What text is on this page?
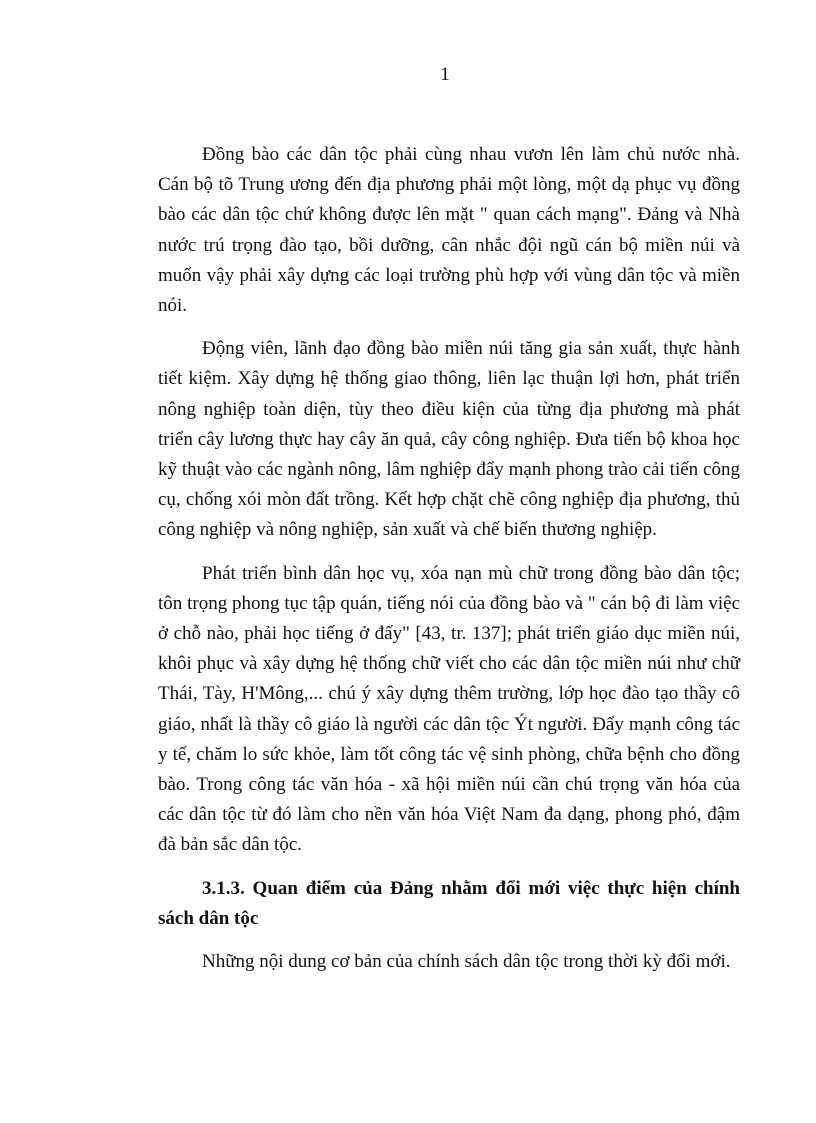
1

Đồng bào các dân tộc phải cùng nhau vươn lên làm chủ nước nhà. Cán bộ tõ Trung ương đến địa phương phải một lòng, một dạ phục vụ đồng bào các dân tộc chứ không được lên mặt " quan cách mạng". Đảng và Nhà nước trú trọng đào tạo, bồi dưỡng, cân nhắc đội ngũ cán bộ miền núi và muốn vậy phải xây dựng các loại trường phù hợp với vùng dân tộc và miền nói.

Động viên, lãnh đạo đồng bào miền núi tăng gia sản xuất, thực hành tiết kiệm. Xây dựng hệ thống giao thông, liên lạc thuận lợi hơn, phát triển nông nghiệp toàn diện, tùy theo điều kiện của từng địa phương mà phát triển cây lương thực hay cây ăn quả, cây công nghiệp. Đưa tiến bộ khoa học kỹ thuật vào các ngành nông, lâm nghiệp đẩy mạnh phong trào cải tiến công cụ, chống xói mòn đất trồng. Kết hợp chặt chẽ công nghiệp địa phương, thủ công nghiệp và nông nghiệp, sản xuất và chế biến thương nghiệp.

Phát triển bình dân học vụ, xóa nạn mù chữ trong đồng bào dân tộc; tôn trọng phong tục tập quán, tiếng nói của đồng bào và " cán bộ đi làm việc ở chỗ nào, phải học tiếng ở đấy" [43, tr. 137]; phát triển giáo dục miền núi, khôi phục và xây dựng hệ thống chữ viết cho các dân tộc miền núi như chữ Thái, Tày, H'Mông,... chú ý xây dựng thêm trường, lớp học đào tạo thầy cô giáo, nhất là thầy cô giáo là người các dân tộc Ýt người. Đẩy mạnh công tác y tế, chăm lo sức khỏe, làm tốt công tác vệ sinh phòng, chữa bệnh cho đồng bào. Trong công tác văn hóa - xã hội miền núi cần chú trọng văn hóa của các dân tộc từ đó làm cho nền văn hóa Việt Nam đa dạng, phong phó, đậm đà bản sắc dân tộc.

3.1.3. Quan điểm của Đảng nhằm đổi mới việc thực hiện chính sách dân tộc

Những nội dung cơ bản của chính sách dân tộc trong thời kỳ đổi mới.
